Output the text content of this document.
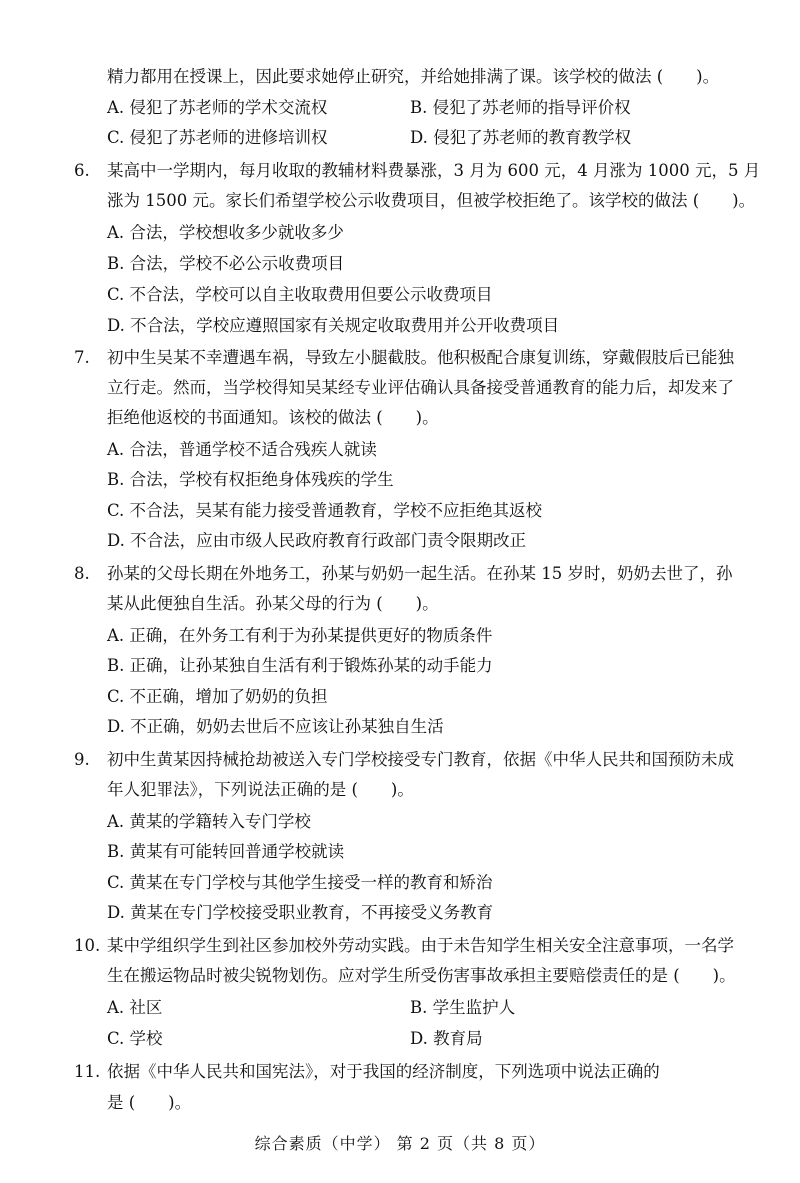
精力都用在授课上，因此要求她停止研究，并给她排满了课。该学校的做法 (　　)。
A. 侵犯了苏老师的学术交流权	B. 侵犯了苏老师的指导评价权
C. 侵犯了苏老师的进修培训权	D. 侵犯了苏老师的教育教学权
6. 某高中一学期内，每月收取的教辅材料费暴涨，3 月为 600 元，4 月涨为 1000 元，5 月
涨为 1500 元。家长们希望学校公示收费项目，但被学校拒绝了。该学校的做法 (　　)。
A. 合法，学校想收多少就收多少
B. 合法，学校不必公示收费项目
C. 不合法，学校可以自主收取费用但要公示收费项目
D. 不合法，学校应遵照国家有关规定收取费用并公开收费项目
7. 初中生吴某不幸遭遇车祸，导致左小腿截肢。他积极配合康复训练，穿戴假肢后已能独
立行走。然而，当学校得知吴某经专业评估确认具备接受普通教育的能力后，却发来了
拒绝他返校的书面通知。该校的做法 (　　)。
A. 合法，普通学校不适合残疾人就读
B. 合法，学校有权拒绝身体残疾的学生
C. 不合法，吴某有能力接受普通教育，学校不应拒绝其返校
D. 不合法，应由市级人民政府教育行政部门责令限期改正
8. 孙某的父母长期在外地务工，孙某与奶奶一起生活。在孙某 15 岁时，奶奶去世了，孙
某从此便独自生活。孙某父母的行为 (　　)。
A. 正确，在外务工有利于为孙某提供更好的物质条件
B. 正确，让孙某独自生活有利于锻炼孙某的动手能力
C. 不正确，增加了奶奶的负担
D. 不正确，奶奶去世后不应该让孙某独自生活
9. 初中生黄某因持械抢劫被送入专门学校接受专门教育，依据《中华人民共和国预防未成
年人犯罪法》，下列说法正确的是 (　　)。
A. 黄某的学籍转入专门学校
B. 黄某有可能转回普通学校就读
C. 黄某在专门学校与其他学生接受一样的教育和矫治
D. 黄某在专门学校接受职业教育，不再接受义务教育
10. 某中学组织学生到社区参加校外劳动实践。由于未告知学生相关安全注意事项，一名学
生在搬运物品时被尖锐物划伤。应对学生所受伤害事故承担主要赔偿责任的是 (　　)。
A. 社区	B. 学生监护人
C. 学校	D. 教育局
11. 依据《中华人民共和国宪法》，对于我国的经济制度，下列选项中说法正确的
是 (　　)。
综合素质（中学） 第 2 页（共 8 页）
